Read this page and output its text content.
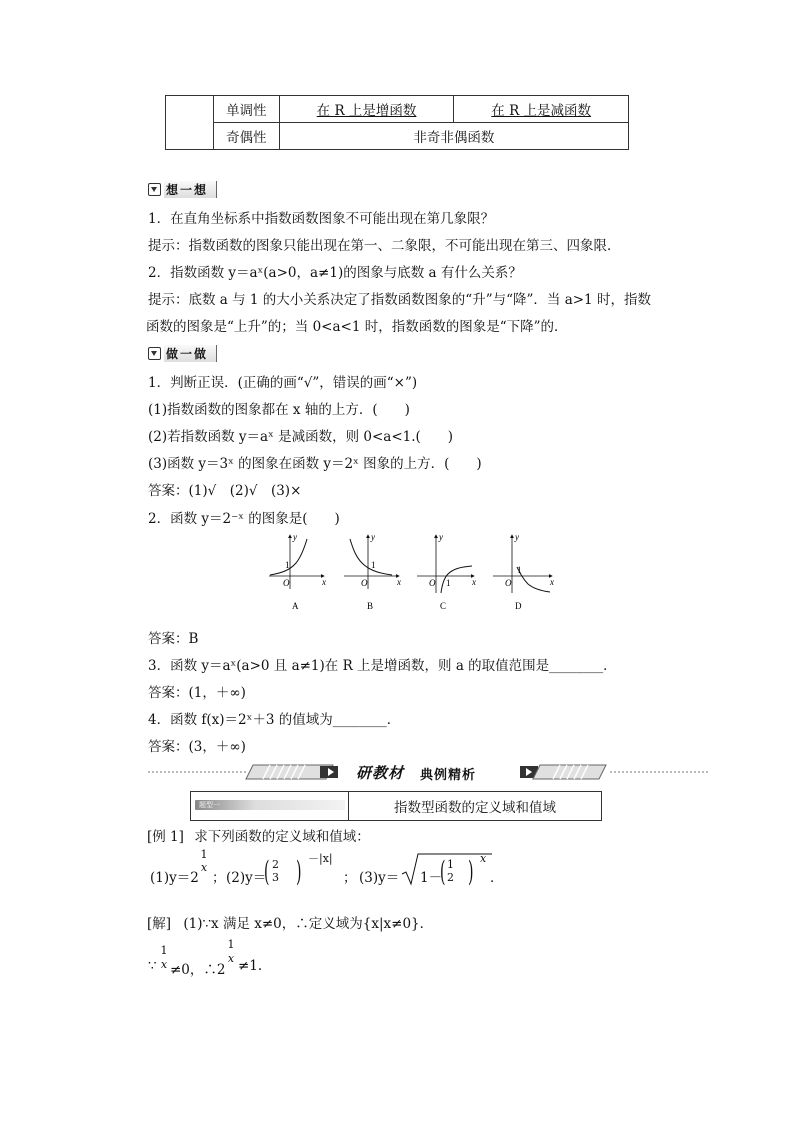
	单调性	在 R 上是增函数	在 R 上是减函数
	奇偶性	非奇非偶函数	
想一想
1．在直角坐标系中指数函数图象不可能出现在第几象限？
提示：指数函数的图象只能出现在第一、二象限，不可能出现在第三、四象限．
2．指数函数 y＝aˣ(a>0，a≠1)的图象与底数 a 有什么关系？
提示：底数 a 与 1 的大小关系决定了指数函数图象的“升”与“降”．当 a>1 时，指数
函数的图象是“上升”的；当 0<a<1 时，指数函数的图象是“下降”的．
做一做
1．判断正误．(正确的画“√”，错误的画“×”)
(1)指数函数的图象都在 x 轴的上方．(　　)
(2)若指数函数 y＝aˣ 是减函数，则 0<a<1.(　　)
(3)函数 y＝3ˣ 的图象在函数 y＝2ˣ 图象的上方．(　　)
答案：(1)√　(2)√　(3)×
2．函数 y＝2⁻ˣ 的图象是(　　)
y
x
O
1
A
y
x
O
1
B
y
x
O 1
C
y
x
O
1
D
答案：B
3．函数 y＝aˣ(a>0 且 a≠1)在 R 上是增函数，则 a 的取值范围是________．
答案：(1，＋∞)
4．函数 f(x)＝2ˣ＋3 的值域为________．
答案：(3，＋∞)
研教材 典例精析
题型一	指数型函数的定义域和值域
[例 1] 求下列函数的定义域和值域：
(1)y＝2
1
x
； (2)y＝
( 2
3 ) －|x|
； (3)y＝ 1－
( 1
2 ) x
．
[解] (1)∵x 满足 x≠0，∴定义域为{x|x≠0}．
∵
1
x ≠0，∴2
1
x ≠1.
